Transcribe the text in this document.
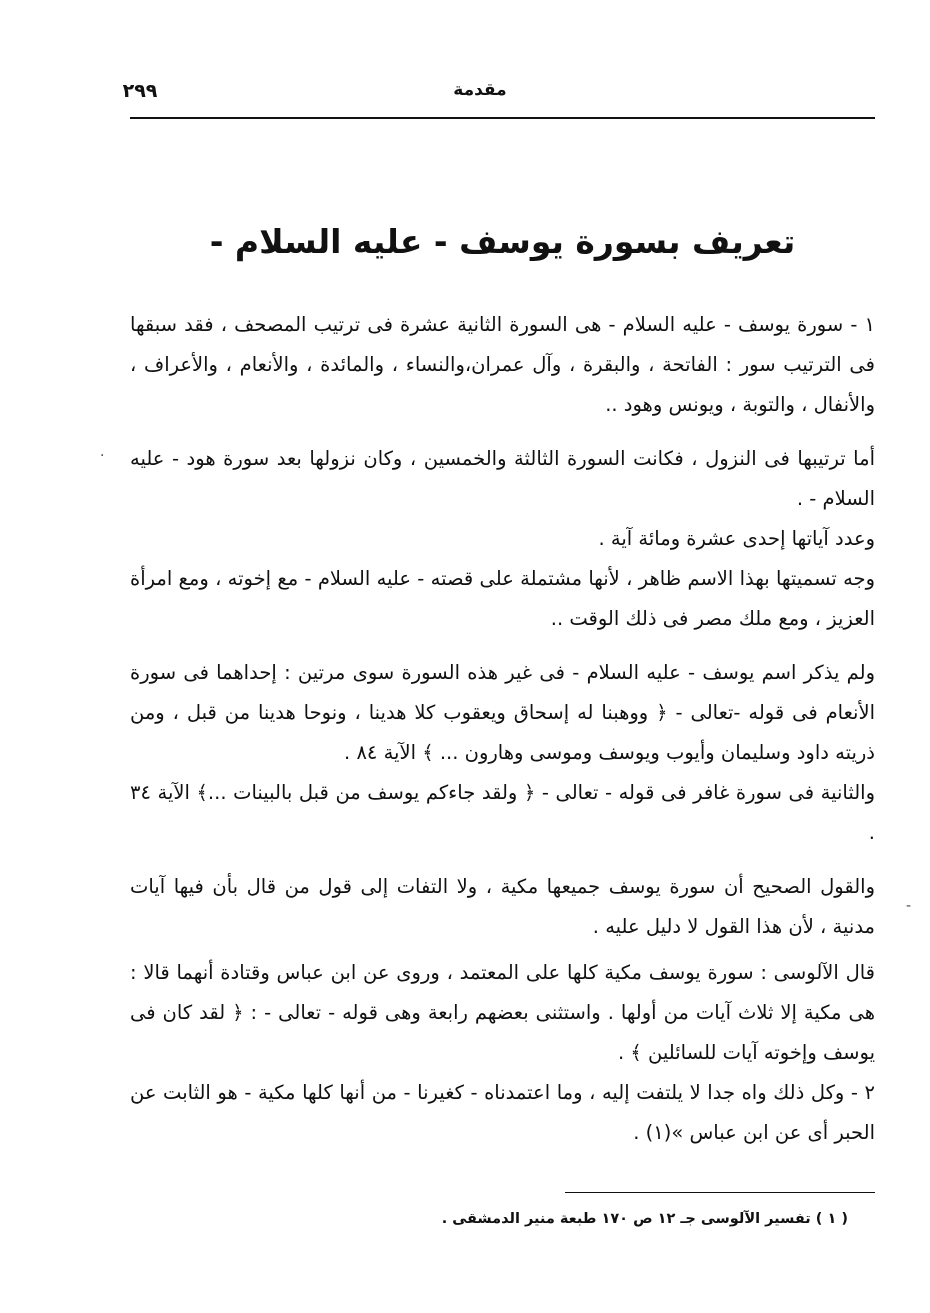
٢٩٩	مقدمة
تعريف بسورة يوسف - عليه السلام -

١ - سورة يوسف - عليه السلام - هى السورة الثانية عشرة فى ترتيب المصحف ، فقد سبقها فى الترتيب سور : الفاتحة ، والبقرة ، وآل عمران،والنساء ، والمائدة ، والأنعام ، والأعراف ، والأنفال ، والتوبة ، ويونس وهود ..

أما ترتيبها فى النزول ، فكانت السورة الثالثة والخمسين ، وكان نزولها بعد سورة هود - عليه السلام - .

وعدد آياتها إحدى عشرة ومائة آية .

وجه تسميتها بهذا الاسم ظاهر ، لأنها مشتملة على قصته - عليه السلام - مع إخوته ، ومع امرأة العزيز ، ومع ملك مصر فى ذلك الوقت ..

ولم يذكر اسم يوسف - عليه السلام - فى غير هذه السورة سوى مرتين : إحداهما فى سورة الأنعام فى قوله -تعالى - ﴿ ووهبنا له إسحاق ويعقوب كلا هدينا ، ونوحا هدينا من قبل ، ومن ذريته داود وسليمان وأيوب ويوسف وموسى وهارون ... ﴾ الآية ٨٤ .

والثانية فى سورة غافر فى قوله - تعالى - ﴿ ولقد جاءكم يوسف من قبل بالبينات ...﴾ الآية ٣٤ .

والقول الصحيح أن سورة يوسف جميعها مكية ، ولا التفات إلى قول من قال بأن فيها آيات مدنية ، لأن هذا القول لا دليل عليه .

قال الآلوسى : سورة يوسف مكية كلها على المعتمد ، وروى عن ابن عباس وقتادة أنهما قالا : هى مكية إلا ثلاث آيات من أولها . واستثنى بعضهم رابعة وهى قوله - تعالى - : ﴿ لقد كان فى يوسف وإخوته آيات للسائلين ﴾ .

٢ - وكل ذلك واه جدا لا يلتفت إليه ، وما اعتمدناه - كغيرنا - من أنها كلها مكية - هو الثابت عن الحبر أى عن ابن عباس »(١) .

( ١ ) تفسير الآلوسى جـ ١٢ ص ١٧٠ طبعة منير الدمشقى .
·
-
